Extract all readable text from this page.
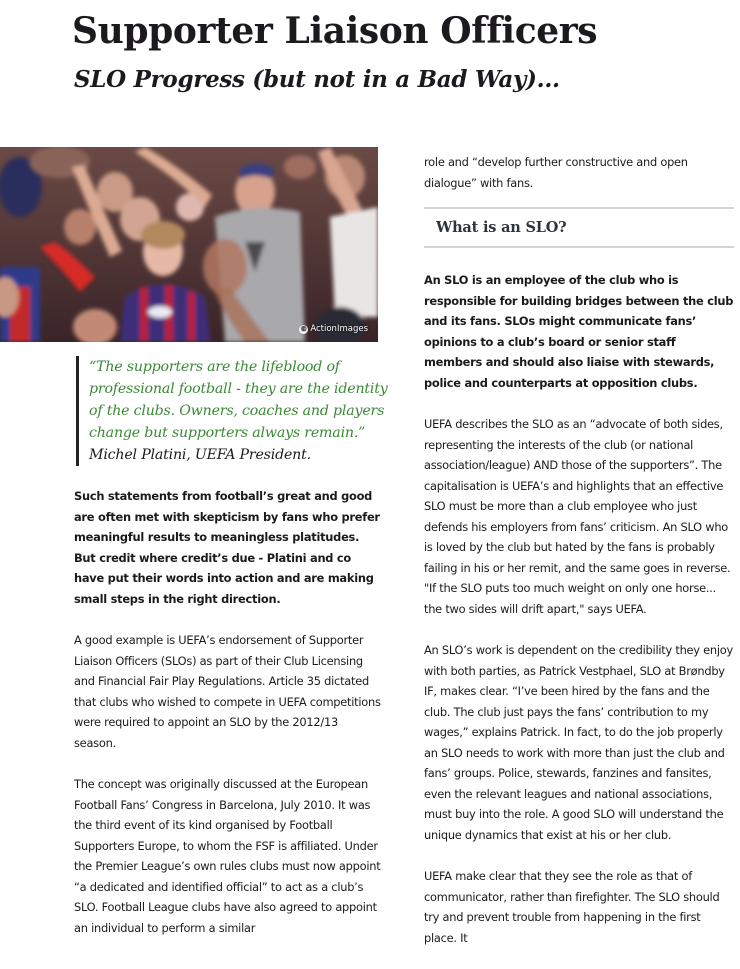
Supporter Liaison Officers
SLO Progress (but not in a Bad Way)...
© ActionImages
“The supporters are the lifeblood of professional football - they are the identity of the clubs. Owners, coaches and players change but supporters always remain.”
Michel Platini, UEFA President.

Such statements from football’s great and good are often met with skepticism by fans who prefer meaningful results to meaningless platitudes. But credit where credit’s due - Platini and co have put their words into action and are making small steps in the right direction.

A good example is UEFA’s endorsement of Supporter Liaison Officers (SLOs) as part of their Club Licensing and Financial Fair Play Regulations. Article 35 dictated that clubs who wished to compete in UEFA competitions were required to appoint an SLO by the 2012/13 season.

The concept was originally discussed at the European Football Fans’ Congress in Barcelona, July 2010. It was the third event of its kind organised by Football Supporters Europe, to whom the FSF is affiliated. Under the Premier League’s own rules clubs must now appoint “a dedicated and identified official” to act as a club’s SLO. Football League clubs have also agreed to appoint an individual to perform a similar

role and “develop further constructive and open dialogue” with fans.

What is an SLO?

An SLO is an employee of the club who is responsible for building bridges between the club and its fans. SLOs might communicate fans’ opinions to a club’s board or senior staff members and should also liaise with stewards, police and counterparts at opposition clubs.

UEFA describes the SLO as an “advocate of both sides, representing the interests of the club (or national association/league) AND those of the supporters”. The capitalisation is UEFA’s and highlights that an effective SLO must be more than a club employee who just defends his employers from fans’ criticism. An SLO who is loved by the club but hated by the fans is probably failing in his or her remit, and the same goes in reverse. "If the SLO puts too much weight on only one horse... the two sides will drift apart," says UEFA.

An SLO’s work is dependent on the credibility they enjoy with both parties, as Patrick Vestphael, SLO at Brøndby IF, makes clear. “I’ve been hired by the fans and the club. The club just pays the fans’ contribution to my wages,” explains Patrick. In fact, to do the job properly an SLO needs to work with more than just the club and fans’ groups. Police, stewards, fanzines and fansites, even the relevant leagues and national associations, must buy into the role. A good SLO will understand the unique dynamics that exist at his or her club.

UEFA make clear that they see the role as that of communicator, rather than firefighter. The SLO should try and prevent trouble from happening in the first place. It
